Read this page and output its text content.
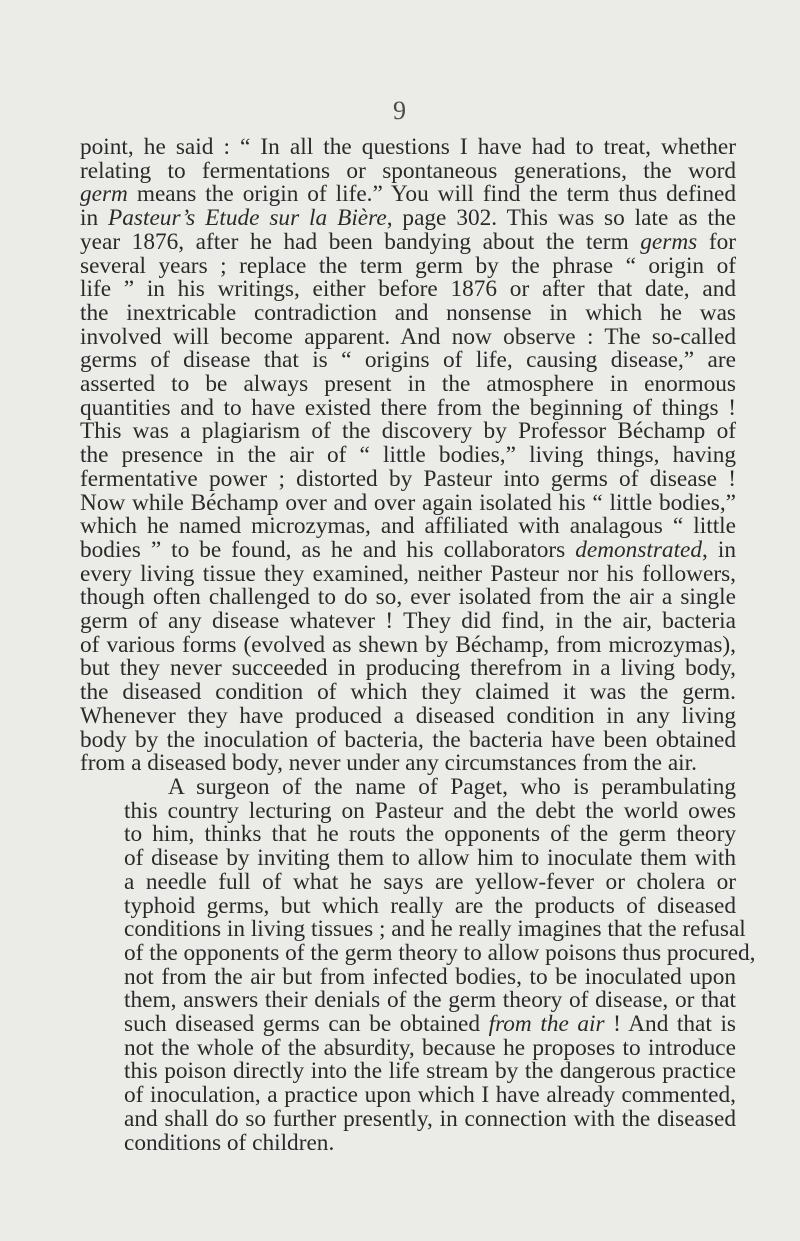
9

point, he said : “ In all the questions I have had to treat, whether
relating to fermentations or spontaneous generations, the word
germ means the origin of life.” You will find the term thus defined
in Pasteur’s Etude sur la Bière, page 302. This was so late as the
year 1876, after he had been bandying about the term germs for
several years ; replace the term germ by the phrase “ origin of
life ” in his writings, either before 1876 or after that date, and
the inextricable contradiction and nonsense in which he was
involved will become apparent. And now observe : The so-called
germs of disease that is “ origins of life, causing disease,” are
asserted to be always present in the atmosphere in enormous
quantities and to have existed there from the beginning of things !
This was a plagiarism of the discovery by Professor Béchamp of
the presence in the air of “ little bodies,” living things, having
fermentative power ; distorted by Pasteur into germs of disease !
Now while Béchamp over and over again isolated his “ little bodies,”
which he named microzymas, and affiliated with analagous “ little
bodies ” to be found, as he and his collaborators demonstrated, in
every living tissue they examined, neither Pasteur nor his followers,
though often challenged to do so, ever isolated from the air a single
germ of any disease whatever ! They did find, in the air, bacteria
of various forms (evolved as shewn by Béchamp, from microzymas),
but they never succeeded in producing therefrom in a living body,
the diseased condition of which they claimed it was the germ.
Whenever they have produced a diseased condition in any living
body by the inoculation of bacteria, the bacteria have been obtained
from a diseased body, never under any circumstances from the air.

A surgeon of the name of Paget, who is perambulating
this country lecturing on Pasteur and the debt the world owes
to him, thinks that he routs the opponents of the germ theory
of disease by inviting them to allow him to inoculate them with
a needle full of what he says are yellow-fever or cholera or
typhoid germs, but which really are the products of diseased
conditions in living tissues ; and he really imagines that the refusal
of the opponents of the germ theory to allow poisons thus procured,
not from the air but from infected bodies, to be inoculated upon
them, answers their denials of the germ theory of disease, or that
such diseased germs can be obtained from the air ! And that is
not the whole of the absurdity, because he proposes to introduce
this poison directly into the life stream by the dangerous practice
of inoculation, a practice upon which I have already commented,
and shall do so further presently, in connection with the diseased
conditions of children.
